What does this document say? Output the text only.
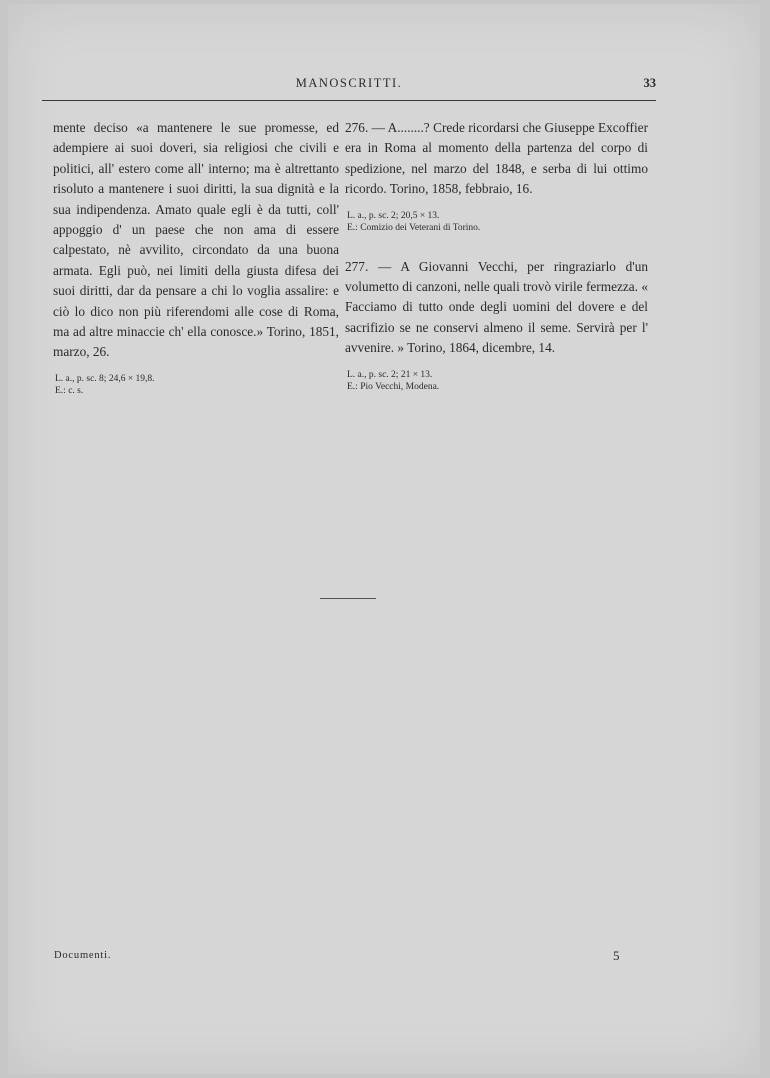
MANOSCRITTI.	33

mente deciso «a mantenere le sue promesse, ed adempiere ai suoi doveri, sia religiosi che civili e politici, all' estero come all' interno; ma è altrettanto risoluto a mantenere i suoi diritti, la sua dignità e la sua indipendenza. Amato quale egli è da tutti, coll' appoggio d' un paese che non ama di essere calpestato, nè avvilito, circondato da una buona armata. Egli può, nei limiti della giusta difesa dei suoi diritti, dar da pensare a chi lo voglia assalire: e ciò lo dico non più riferendomi alle cose di Roma, ma ad altre minaccie ch' ella conosce.» Torino, 1851, marzo, 26.

L. a., p. sc. 8; 24,6 × 19,8.
E.: c. s.

276. — A........? Crede ricordarsi che Giuseppe Excoffier era in Roma al momento della partenza del corpo di spedizione, nel marzo del 1848, e serba di lui ottimo ricordo. Torino, 1858, febbraio, 16.

L. a., p. sc. 2; 20,5 × 13.
E.: Comizio dei Veterani di Torino.

277. — A Giovanni Vecchi, per ringraziarlo d'un volumetto di canzoni, nelle quali trovò virile fermezza. « Facciamo di tutto onde degli uomini del dovere e del sacrifizio se ne conservi almeno il seme. Servirà per l' avvenire. » Torino, 1864, dicembre, 14.

L. a., p. sc. 2; 21 × 13.
E.: Pio Vecchi, Modena.
Documenti.	5
